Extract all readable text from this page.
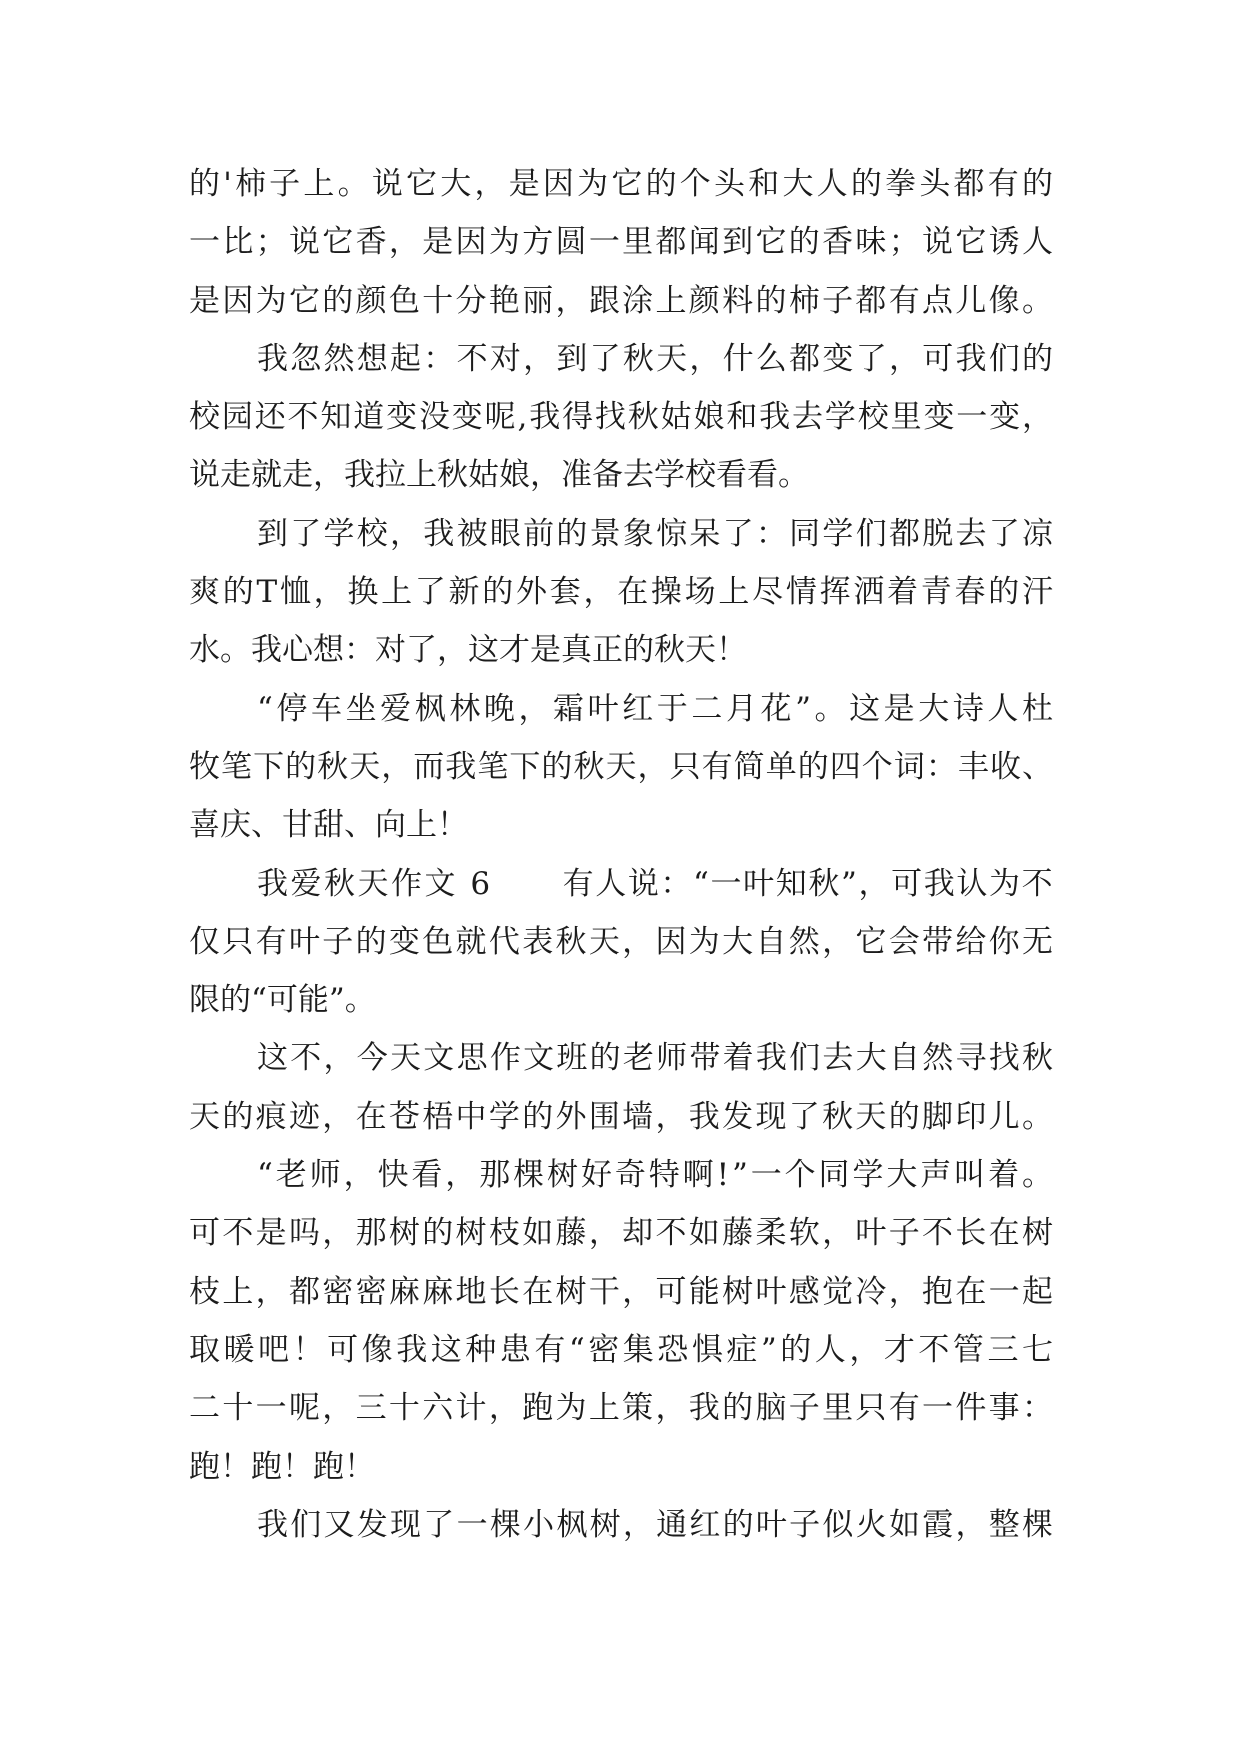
的'柿子上。说它大，是因为它的个头和大人的拳头都有的
一比；说它香，是因为方圆一里都闻到它的香味；说它诱人
是因为它的颜色十分艳丽，跟涂上颜料的柿子都有点儿像。
我忽然想起：不对，到了秋天，什么都变了，可我们的
校园还不知道变没变呢,我得找秋姑娘和我去学校里变一变，
说走就走，我拉上秋姑娘，准备去学校看看。
到了学校，我被眼前的景象惊呆了：同学们都脱去了凉
爽的T恤，换上了新的外套，在操场上尽情挥洒着青春的汗
水。我心想：对了，这才是真正的秋天！
“停车坐爱枫林晚，霜叶红于二月花”。这是大诗人杜
牧笔下的秋天，而我笔下的秋天，只有简单的四个词：丰收、
喜庆、甘甜、向上！
我爱秋天作文 6 有人说：“一叶知秋”，可我认为不
仅只有叶子的变色就代表秋天，因为大自然，它会带给你无
限的“可能”。
这不，今天文思作文班的老师带着我们去大自然寻找秋
天的痕迹，在苍梧中学的外围墙，我发现了秋天的脚印儿。
“老师，快看，那棵树好奇特啊!”一个同学大声叫着。
可不是吗，那树的树枝如藤，却不如藤柔软，叶子不长在树
枝上，都密密麻麻地长在树干，可能树叶感觉冷，抱在一起
取暖吧！可像我这种患有“密集恐惧症”的人，才不管三七
二十一呢，三十六计，跑为上策，我的脑子里只有一件事：
跑！跑！跑！
我们又发现了一棵小枫树，通红的叶子似火如霞，整棵
